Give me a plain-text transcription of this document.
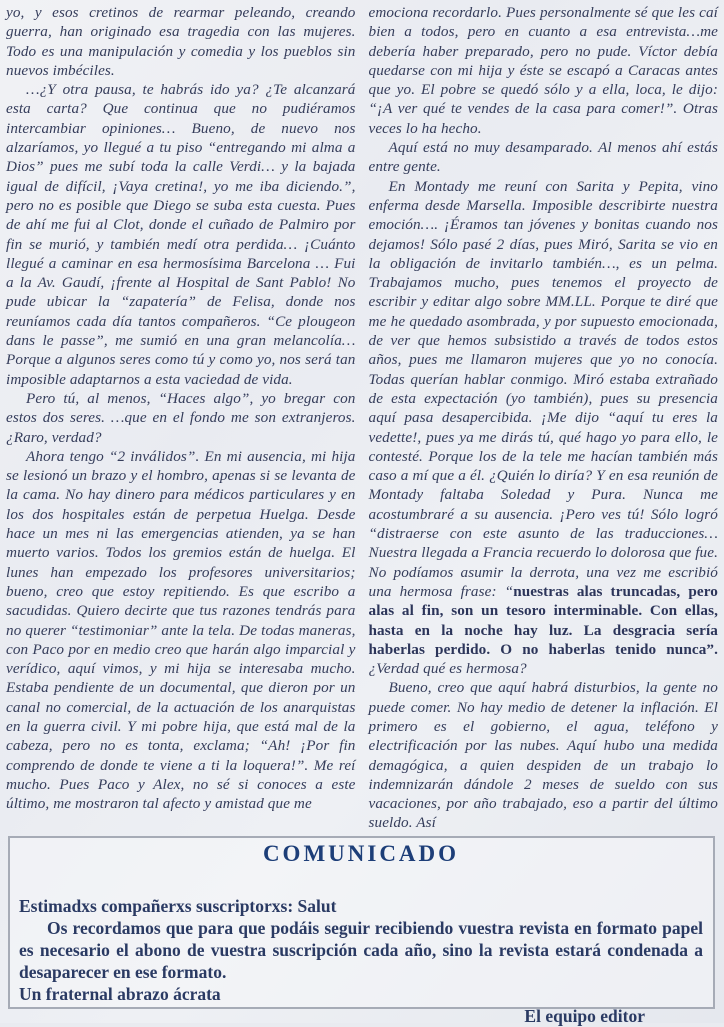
yo, y esos cretinos de rearmar peleando, creando guerra, han originado esa tragedia con las mujeres. Todo es una manipulación y comedia y los pueblos sin nuevos imbéciles.

…¿Y otra pausa, te habrás ido ya? ¿Te alcanzará esta carta? Que continua que no pudiéramos intercambiar opiniones… Bueno, de nuevo nos alzaríamos, yo llegué a tu piso “entregando mi alma a Dios” pues me subí toda la calle Verdi… y la bajada igual de difícil, ¡Vaya cretina!, yo me iba diciendo.”, pero no es posible que Diego se suba esta cuesta. Pues de ahí me fui al Clot, donde el cuñado de Palmiro por fin se murió, y también medí otra perdida… ¡Cuánto llegué a caminar en esa hermosísima Barcelona … Fui a la Av. Gaudí, ¡frente al Hospital de Sant Pablo! No pude ubicar la “zapatería” de Felisa, donde nos reuníamos cada día tantos compañeros. “Ce plougeon dans le passe”, me sumió en una gran melancolía… Porque a algunos seres como tú y como yo, nos será tan imposible adaptarnos a esta vaciedad de vida.

Pero tú, al menos, “Haces algo”, yo bregar con estos dos seres. …que en el fondo me son extranjeros. ¿Raro, verdad?

Ahora tengo “2 inválidos”. En mi ausencia, mi hija se lesionó un brazo y el hombro, apenas si se levanta de la cama. No hay dinero para médicos particulares y en los dos hospitales están de perpetua Huelga. Desde hace un mes ni las emergencias atienden, ya se han muerto varios. Todos los gremios están de huelga. El lunes han empezado los profesores universitarios; bueno, creo que estoy repitiendo. Es que escribo a sacudidas. Quiero decirte que tus razones tendrás para no querer “testimoniar” ante la tela. De todas maneras, con Paco por en medio creo que harán algo imparcial y verídico, aquí vimos, y mi hija se interesaba mucho. Estaba pendiente de un documental, que dieron por un canal no comercial, de la actuación de los anarquistas en la guerra civil. Y mi pobre hija, que está mal de la cabeza, pero no es tonta, exclama; “Ah! ¡Por fin comprendo de donde te viene a ti la loquera!”. Me reí mucho. Pues Paco y Alex, no sé si conoces a este último, me mostraron tal afecto y amistad que me

emociona recordarlo. Pues personalmente sé que les caí bien a todos, pero en cuanto a esa entrevista…me debería haber preparado, pero no pude. Víctor debía quedarse con mi hija y éste se escapó a Caracas antes que yo. El pobre se quedó sólo y a ella, loca, le dijo: “¡A ver qué te vendes de la casa para comer!”. Otras veces lo ha hecho.

Aquí está no muy desamparado. Al menos ahí estás entre gente.

En Montady me reuní con Sarita y Pepita, vino enferma desde Marsella. Imposible describirte nuestra emoción…. ¡Éramos tan jóvenes y bonitas cuando nos dejamos! Sólo pasé 2 días, pues Miró, Sarita se vio en la obligación de invitarlo también…, es un pelma. Trabajamos mucho, pues tenemos el proyecto de escribir y editar algo sobre MM.LL. Porque te diré que me he quedado asombrada, y por supuesto emocionada, de ver que hemos subsistido a través de todos estos años, pues me llamaron mujeres que yo no conocía. Todas querían hablar conmigo. Miró estaba extrañado de esta expectación (yo también), pues su presencia aquí pasa desapercibida. ¡Me dijo “aquí tu eres la vedette!, pues ya me dirás tú, qué hago yo para ello, le contesté. Porque los de la tele me hacían también más caso a mí que a él. ¿Quién lo diría? Y en esa reunión de Montady faltaba Soledad y Pura. Nunca me acostumbraré a su ausencia. ¡Pero ves tú! Sólo logró “distraerse con este asunto de las traducciones… Nuestra llegada a Francia recuerdo lo dolorosa que fue. No podíamos asumir la derrota, una vez me escribió una hermosa frase: “nuestras alas truncadas, pero alas al fin, son un tesoro interminable. Con ellas, hasta en la noche hay luz. La desgracia sería haberlas perdido. O no haberlas tenido nunca”. ¿Verdad qué es hermosa?

Bueno, creo que aquí habrá disturbios, la gente no puede comer. No hay medio de detener la inflación. El primero es el gobierno, el agua, teléfono y electrificación por las nubes. Aquí hubo una medida demagógica, a quien despiden de un trabajo lo indemnizarán dándole 2 meses de sueldo con sus vacaciones, por año trabajado, eso a partir del último sueldo. Así

COMUNICADO

Estimadxs compañerxs suscriptorxs: Salut

Os recordamos que para que podáis seguir recibiendo vuestra revista en formato papel es necesario el abono de vuestra suscripción cada año, sino la revista estará condenada a desaparecer en ese formato.

Un fraternal abrazo ácrata

El equipo editor
